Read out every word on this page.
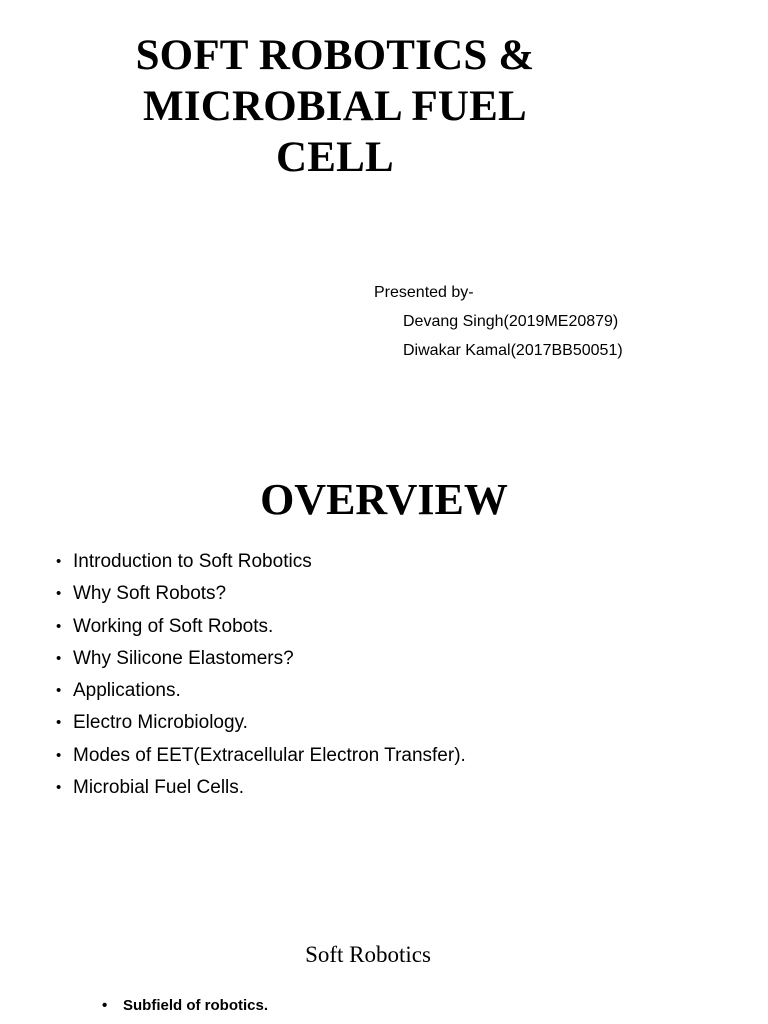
SOFT ROBOTICS &
MICROBIAL FUEL
CELL
Presented by-
Devang Singh(2019ME20879)
Diwakar Kamal(2017BB50051)
OVERVIEW
• Introduction to Soft Robotics
• Why Soft Robots?
• Working of Soft Robots.
• Why Silicone Elastomers?
• Applications.
• Electro Microbiology.
• Modes of EET(Extracellular Electron Transfer).
• Microbial Fuel Cells.
Soft Robotics
• Subfield of robotics.
